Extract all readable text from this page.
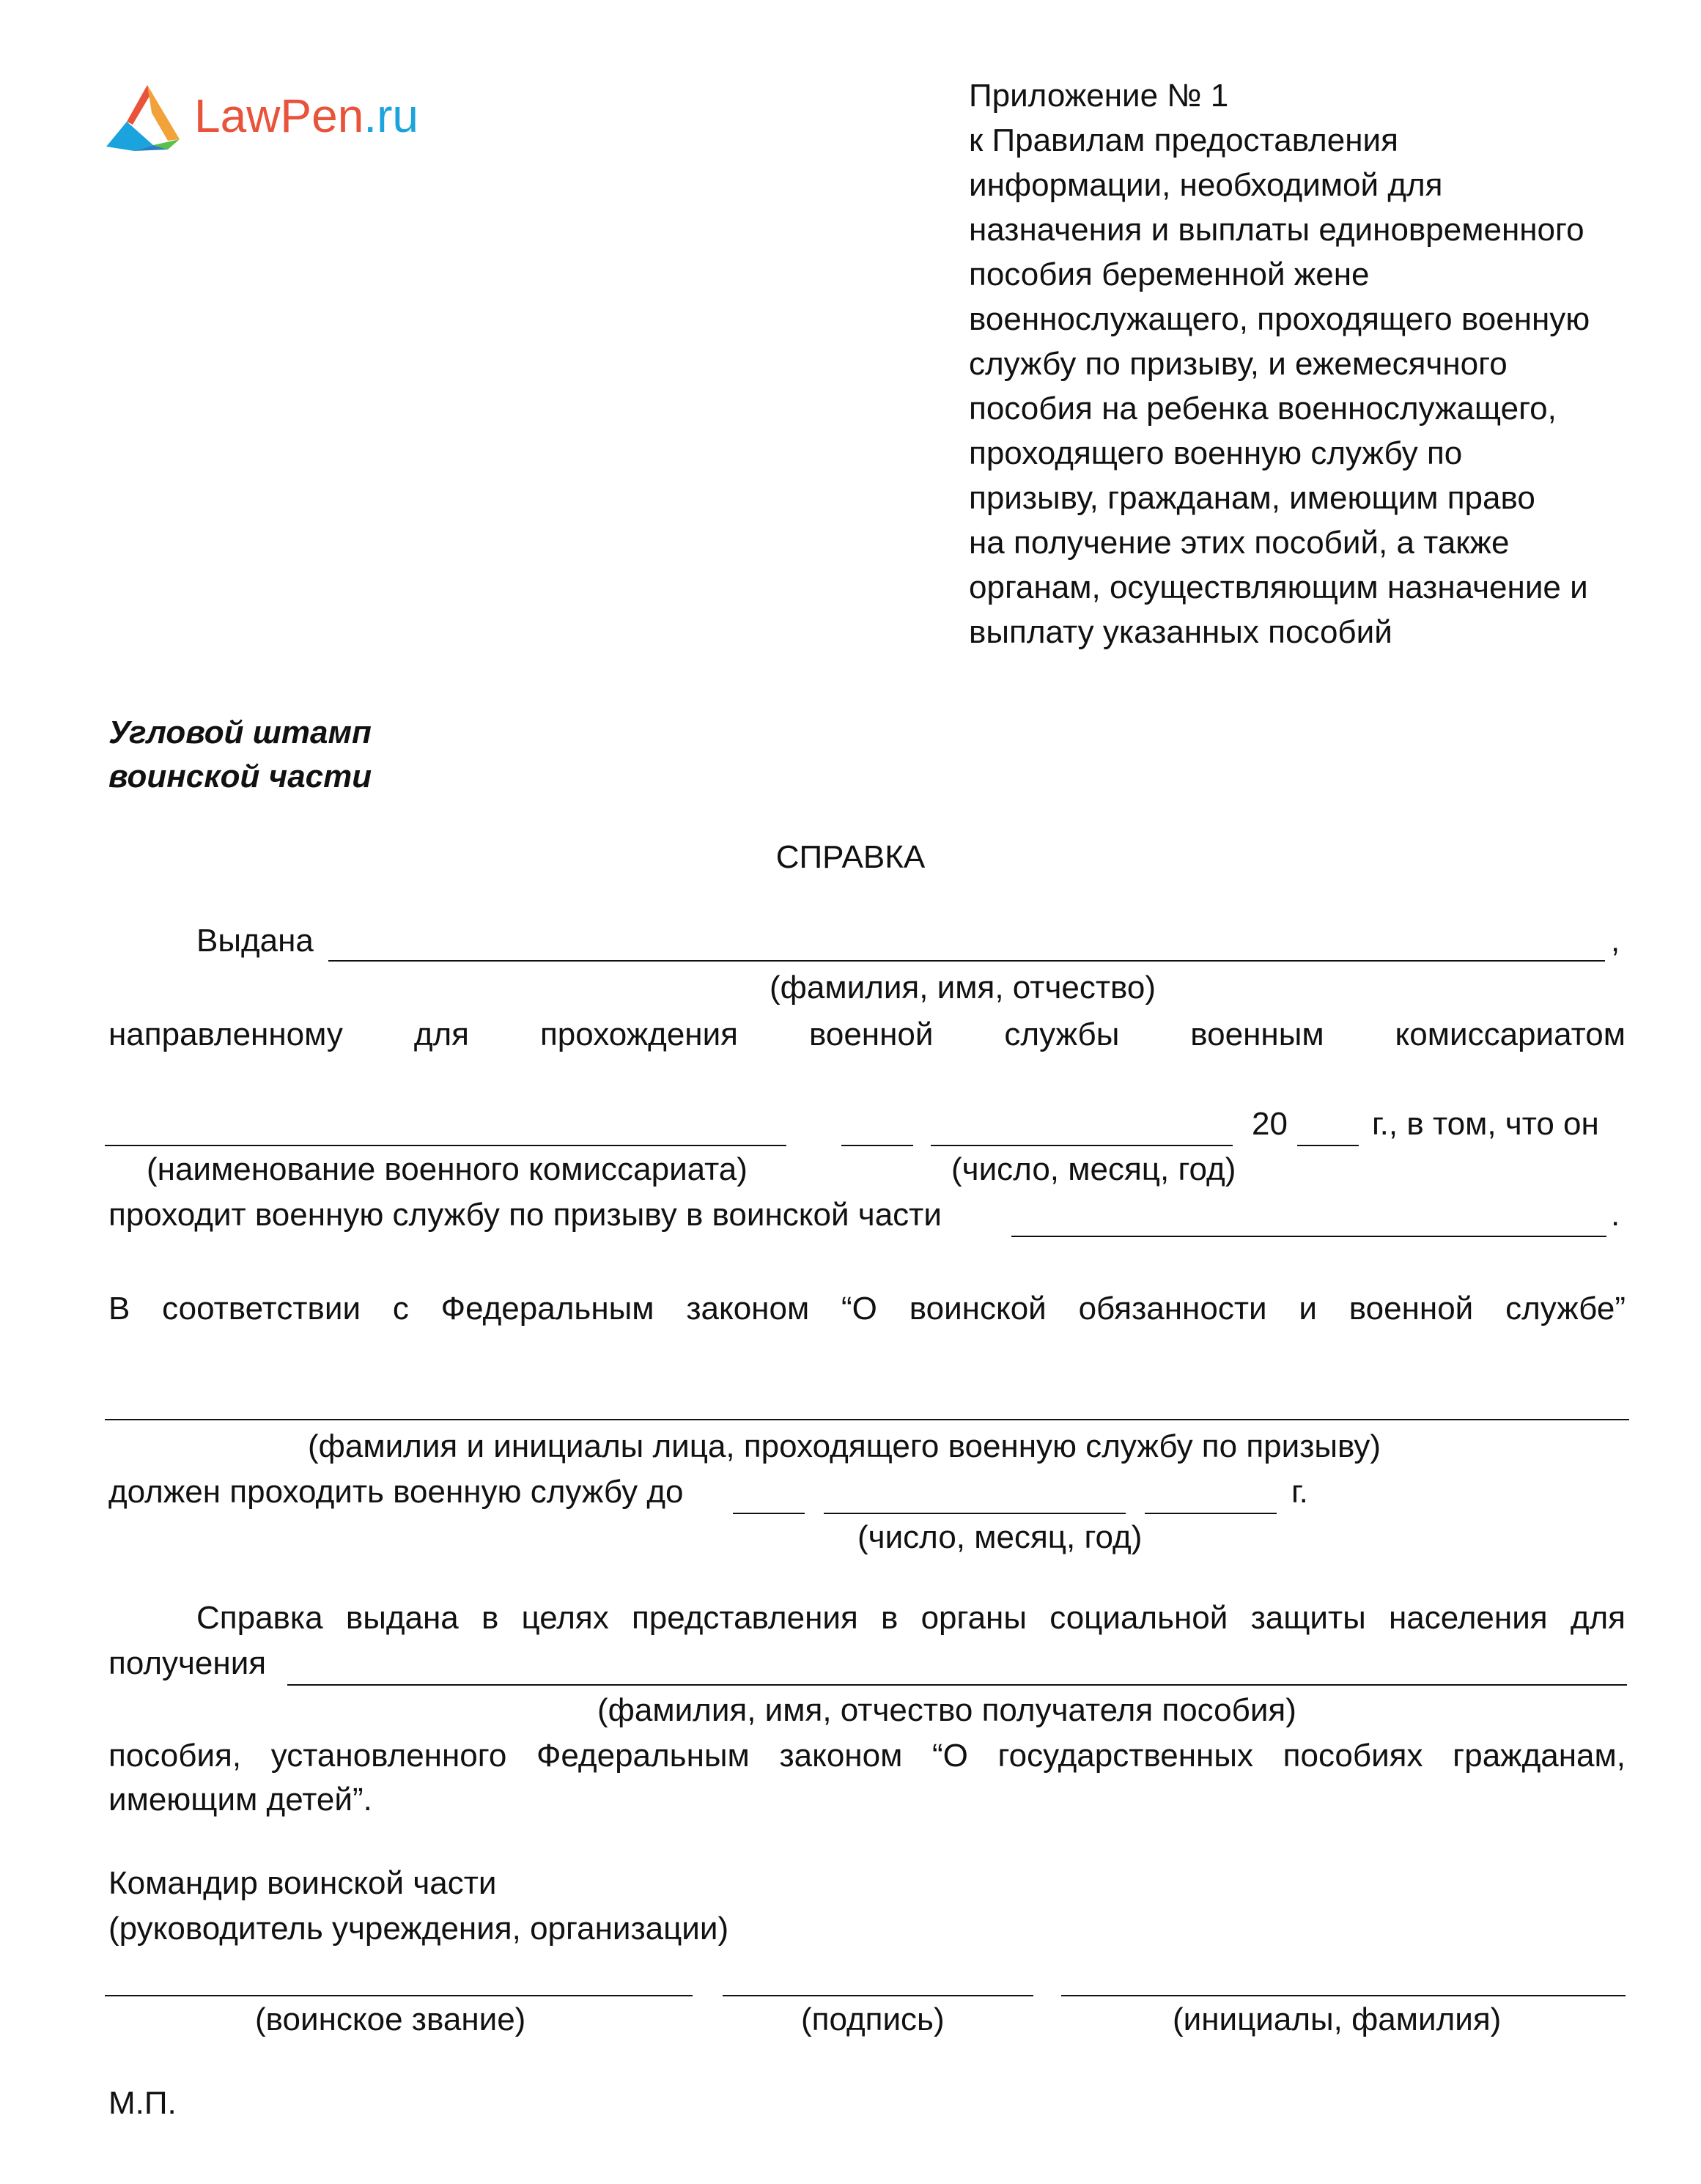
LawPen.ru	Приложение № 1
к Правилам предоставления
информации, необходимой для
назначения и выплаты единовременного
пособия беременной жене
военнослужащего, проходящего военную
службу по призыву, и ежемесячного
пособия на ребенка военнослужащего,
проходящего военную службу по
призыву, гражданам, имеющим право
на получение этих пособий, а также
органам, осуществляющим назначение и
выплату указанных пособий
Угловой штамп
воинской части
СПРАВКА
Выдана	,
(фамилия, имя, отчество)
направленному для прохождения военной службы военным комиссариатом
20	г., в том, что он
(наименование военного комиссариата)	(число, месяц, год)
проходит военную службу по призыву в воинской части	.
В соответствии с Федеральным законом “О воинской обязанности и военной службе”
(фамилия и инициалы лица, проходящего военную службу по призыву)
должен проходить военную службу до	г.
(число, месяц, год)
Справка выдана в целях представления в органы социальной защиты населения для
получения
(фамилия, имя, отчество получателя пособия)
пособия, установленного Федеральным законом “О государственных пособиях гражданам,
имеющим детей”.
Командир воинской части
(руководитель учреждения, организации)
(воинское звание)	(подпись)	(инициалы, фамилия)
М.П.
